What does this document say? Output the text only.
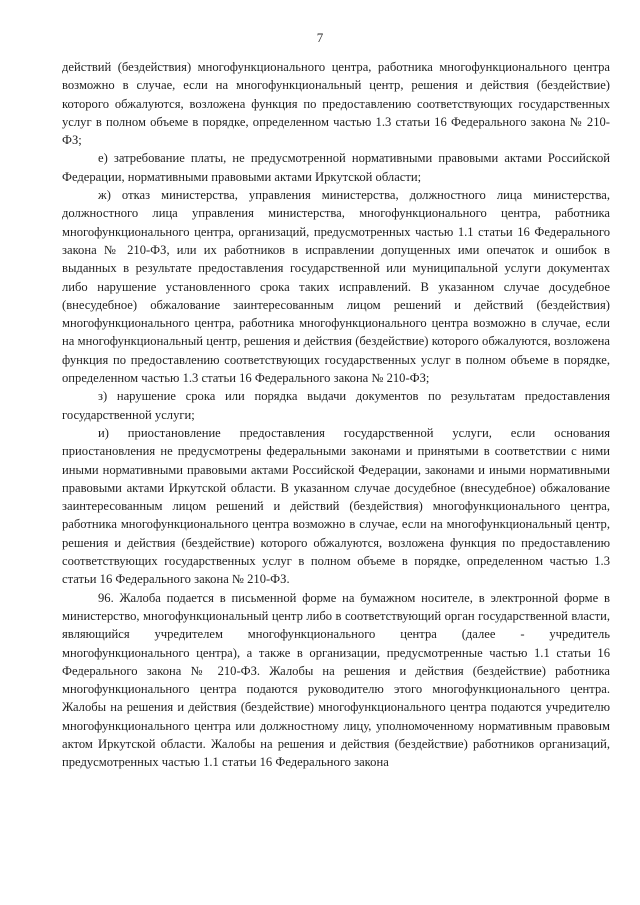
7

действий (бездействия) многофункционального центра, работника многофункционального центра возможно в случае, если на многофункциональный центр, решения и действия (бездействие) которого обжалуются, возложена функция по предоставлению соответствующих государственных услуг в полном объеме в порядке, определенном частью 1.3 статьи 16 Федерального закона № 210-ФЗ;

е) затребование платы, не предусмотренной нормативными правовыми актами Российской Федерации, нормативными правовыми актами Иркутской области;

ж) отказ министерства, управления министерства, должностного лица министерства, должностного лица управления министерства, многофункционального центра, работника многофункционального центра, организаций, предусмотренных частью 1.1 статьи 16 Федерального закона № 210-ФЗ, или их работников в исправлении допущенных ими опечаток и ошибок в выданных в результате предоставления государственной или муниципальной услуги документах либо нарушение установленного срока таких исправлений. В указанном случае досудебное (внесудебное) обжалование заинтересованным лицом решений и действий (бездействия) многофункционального центра, работника многофункционального центра возможно в случае, если на многофункциональный центр, решения и действия (бездействие) которого обжалуются, возложена функция по предоставлению соответствующих государственных услуг в полном объеме в порядке, определенном частью 1.3 статьи 16 Федерального закона № 210-ФЗ;

з) нарушение срока или порядка выдачи документов по результатам предоставления государственной услуги;

и) приостановление предоставления государственной услуги, если основания приостановления не предусмотрены федеральными законами и принятыми в соответствии с ними иными нормативными правовыми актами Российской Федерации, законами и иными нормативными правовыми актами Иркутской области. В указанном случае досудебное (внесудебное) обжалование заинтересованным лицом решений и действий (бездействия) многофункционального центра, работника многофункционального центра возможно в случае, если на многофункциональный центр, решения и действия (бездействие) которого обжалуются, возложена функция по предоставлению соответствующих государственных услуг в полном объеме в порядке, определенном частью 1.3 статьи 16 Федерального закона № 210-ФЗ.

96. Жалоба подается в письменной форме на бумажном носителе, в электронной форме в министерство, многофункциональный центр либо в соответствующий орган государственной власти, являющийся учредителем многофункционального центра (далее - учредитель многофункционального центра), а также в организации, предусмотренные частью 1.1 статьи 16 Федерального закона № 210-ФЗ. Жалобы на решения и действия (бездействие) работника многофункционального центра подаются руководителю этого многофункционального центра. Жалобы на решения и действия (бездействие) многофункционального центра подаются учредителю многофункционального центра или должностному лицу, уполномоченному нормативным правовым актом Иркутской области. Жалобы на решения и действия (бездействие) работников организаций, предусмотренных частью 1.1 статьи 16 Федерального закона
